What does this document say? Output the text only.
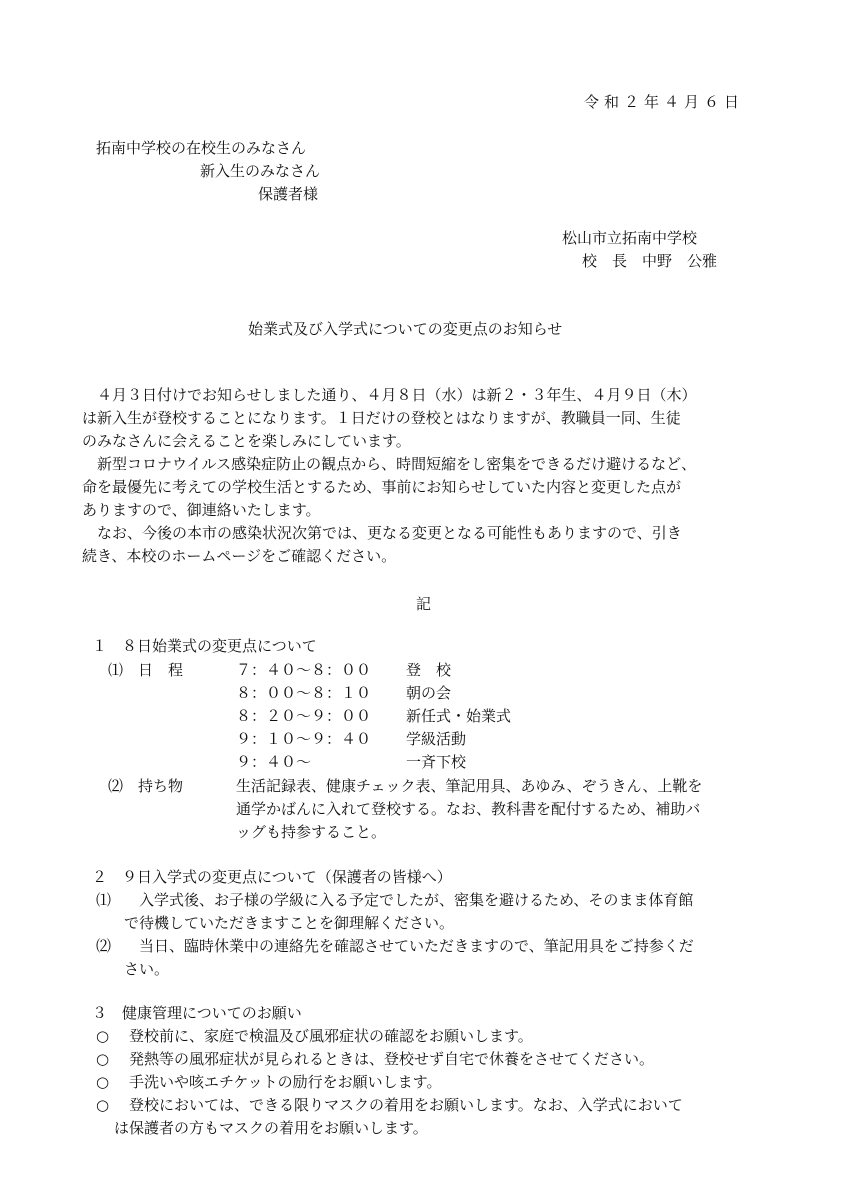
令和２年４月６日
拓南中学校の在校生のみなさん
新入生のみなさん
保護者様
松山市立拓南中学校
校　長　中野　公雅
始業式及び入学式についての変更点のお知らせ
　４月３日付けでお知らせしました通り、４月８日（水）は新２・３年生、４月９日（木）
は新入生が登校することになります。１日だけの登校とはなりますが、教職員一同、生徒
のみなさんに会えることを楽しみにしています。
　新型コロナウイルス感染症防止の観点から、時間短縮をし密集をできるだけ避けるなど、
命を最優先に考えての学校生活とするため、事前にお知らせしていた内容と変更した点が
ありますので、御連絡いたします。
　なお、今後の本市の感染状況次第では、更なる変更となる可能性もありますので、引き
続き、本校のホームページをご確認ください。
記
１　８日始業式の変更点について
⑴　日　程	７：４０～８：００ 登　校
８：００～８：１０ 朝の会
８：２０～９：００ 新任式・始業式
９：１０～９：４０ 学級活動
９：４０～	一斉下校
⑵　持ち物	生活記録表、健康チェック表、筆記用具、あゆみ、ぞうきん、上靴を
通学かばんに入れて登校する。なお、教科書を配付するため、補助バ
ッグも持参すること。
２　９日入学式の変更点について（保護者の皆様へ）
⑴ 　入学式後、お子様の学級に入る予定でしたが、密集を避けるため、そのまま体育館
で待機していただきますことを御理解ください。
⑵ 　当日、臨時休業中の連絡先を確認させていただきますので、筆記用具をご持参くだ
さい。
３　健康管理についてのお願い
○ 　登校前に、家庭で検温及び風邪症状の確認をお願いします。
○ 　発熱等の風邪症状が見られるときは、登校せず自宅で休養をさせてください。
○ 　手洗いや咳エチケットの励行をお願いします。
○ 　登校においては、できる限りマスクの着用をお願いします。なお、入学式において
は保護者の方もマスクの着用をお願いします。
